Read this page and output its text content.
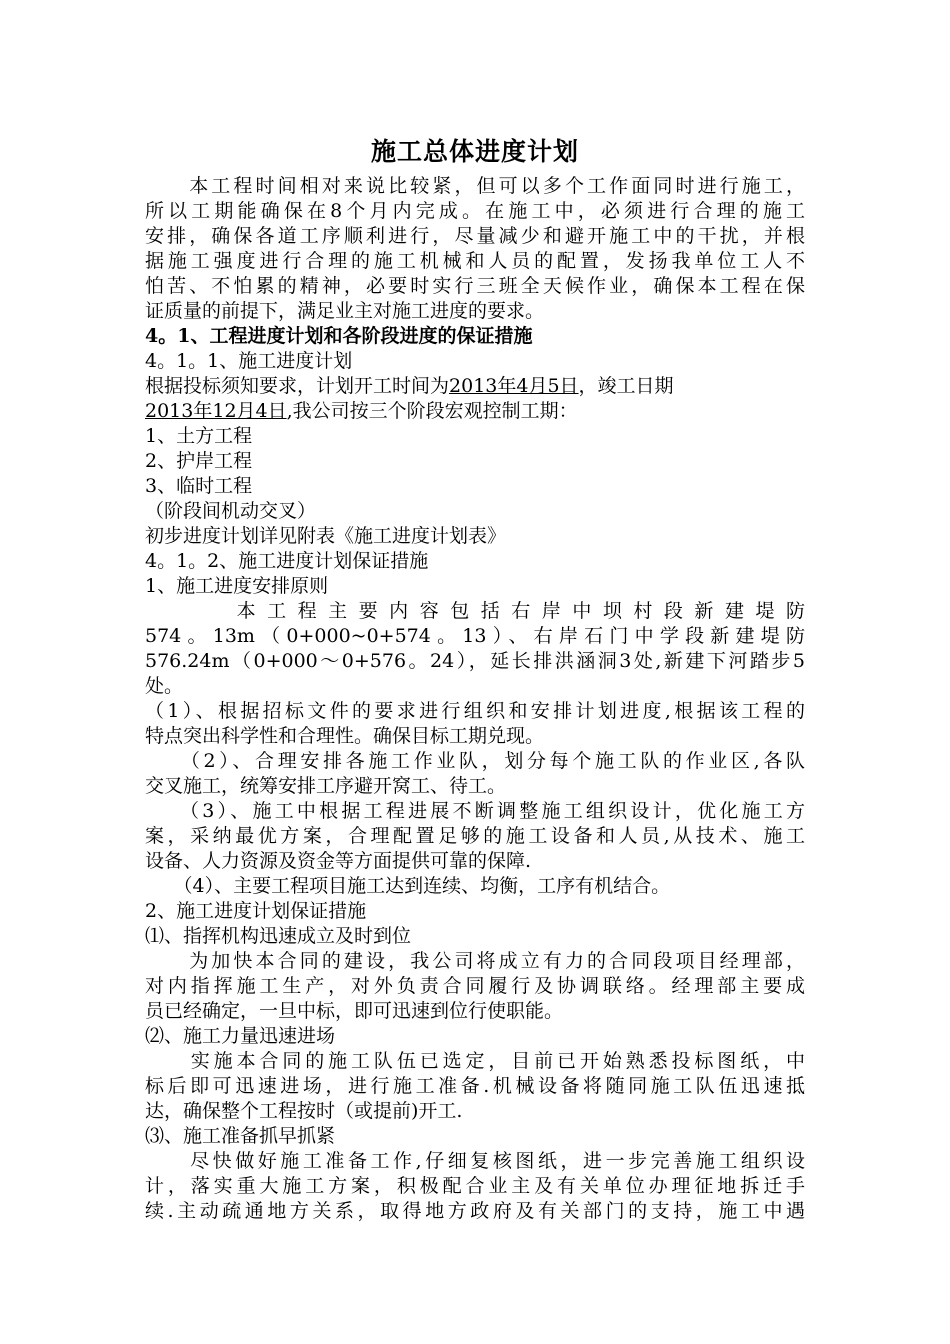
施工总体进度计划
　　本工程时间相对来说比较紧，但可以多个工作面同时进行施工，
所以工期能确保在8个月内完成。在施工中，必须进行合理的施工
安排，确保各道工序顺利进行，尽量减少和避开施工中的干扰，并根
据施工强度进行合理的施工机械和人员的配置，发扬我单位工人不
怕苦、不怕累的精神，必要时实行三班全天候作业，确保本工程在保
证质量的前提下，满足业主对施工进度的要求。
4。1、工程进度计划和各阶段进度的保证措施
4。1。1、施工进度计划
根据投标须知要求，计划开工时间为2013年4月5日，竣工日期
2013年12月4日,我公司按三个阶段宏观控制工期：
1、土方工程
2、护岸工程
3、临时工程
（阶段间机动交叉）
初步进度计划详见附表《施工进度计划表》
4。1。2、施工进度计划保证措施
1、施工进度安排原则
　　　本工程主要内容包括右岸中坝村段新建堤防
574。13m（0+000~0+574。13）、右岸石门中学段新建堤防
576.24m（0+000～0+576。24），延长排洪涵洞3处,新建下河踏步5
处。
（1）、根据招标文件的要求进行组织和安排计划进度,根据该工程的
特点突出科学性和合理性。确保目标工期兑现。
　　（2）、合理安排各施工作业队，划分每个施工队的作业区,各队
交叉施工，统筹安排工序避开窝工、待工。
　　（3）、施工中根据工程进展不断调整施工组织设计，优化施工方
案，采纳最优方案，合理配置足够的施工设备和人员,从技术、施工
设备、人力资源及资金等方面提供可靠的保障.
　　（4）、主要工程项目施工达到连续、均衡，工序有机结合。
2、施工进度计划保证措施
⑴、指挥机构迅速成立及时到位
　　为加快本合同的建设，我公司将成立有力的合同段项目经理部，
对内指挥施工生产，对外负责合同履行及协调联络。经理部主要成
员已经确定，一旦中标，即可迅速到位行使职能。
⑵、施工力量迅速进场
　　实施本合同的施工队伍已选定，目前已开始熟悉投标图纸，中
标后即可迅速进场，进行施工准备.机械设备将随同施工队伍迅速抵
达，确保整个工程按时（或提前)开工.
⑶、施工准备抓早抓紧
　　尽快做好施工准备工作,仔细复核图纸，进一步完善施工组织设
计，落实重大施工方案，积极配合业主及有关单位办理征地拆迁手
续.主动疏通地方关系，取得地方政府及有关部门的支持，施工中遇
